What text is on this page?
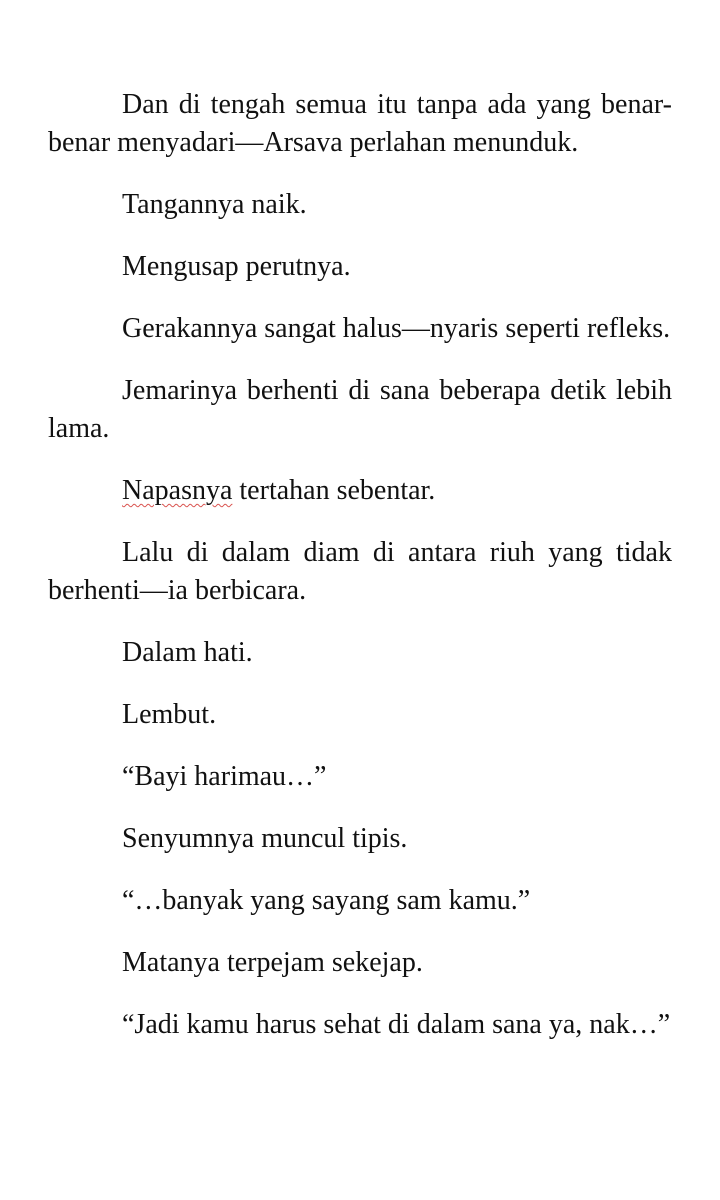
Dan di tengah semua itu tanpa ada yang benar-benar menyadari—Arsava perlahan menunduk.

Tangannya naik.

Mengusap perutnya.

Gerakannya sangat halus—nyaris seperti refleks.

Jemarinya berhenti di sana beberapa detik lebih lama.

Napasnya tertahan sebentar.

Lalu di dalam diam di antara riuh yang tidak berhenti—ia berbicara.

Dalam hati.

Lembut.

“Bayi harimau…”

Senyumnya muncul tipis.

“…banyak yang sayang sam kamu.”

Matanya terpejam sekejap.

“Jadi kamu harus sehat di dalam sana ya, nak…”
